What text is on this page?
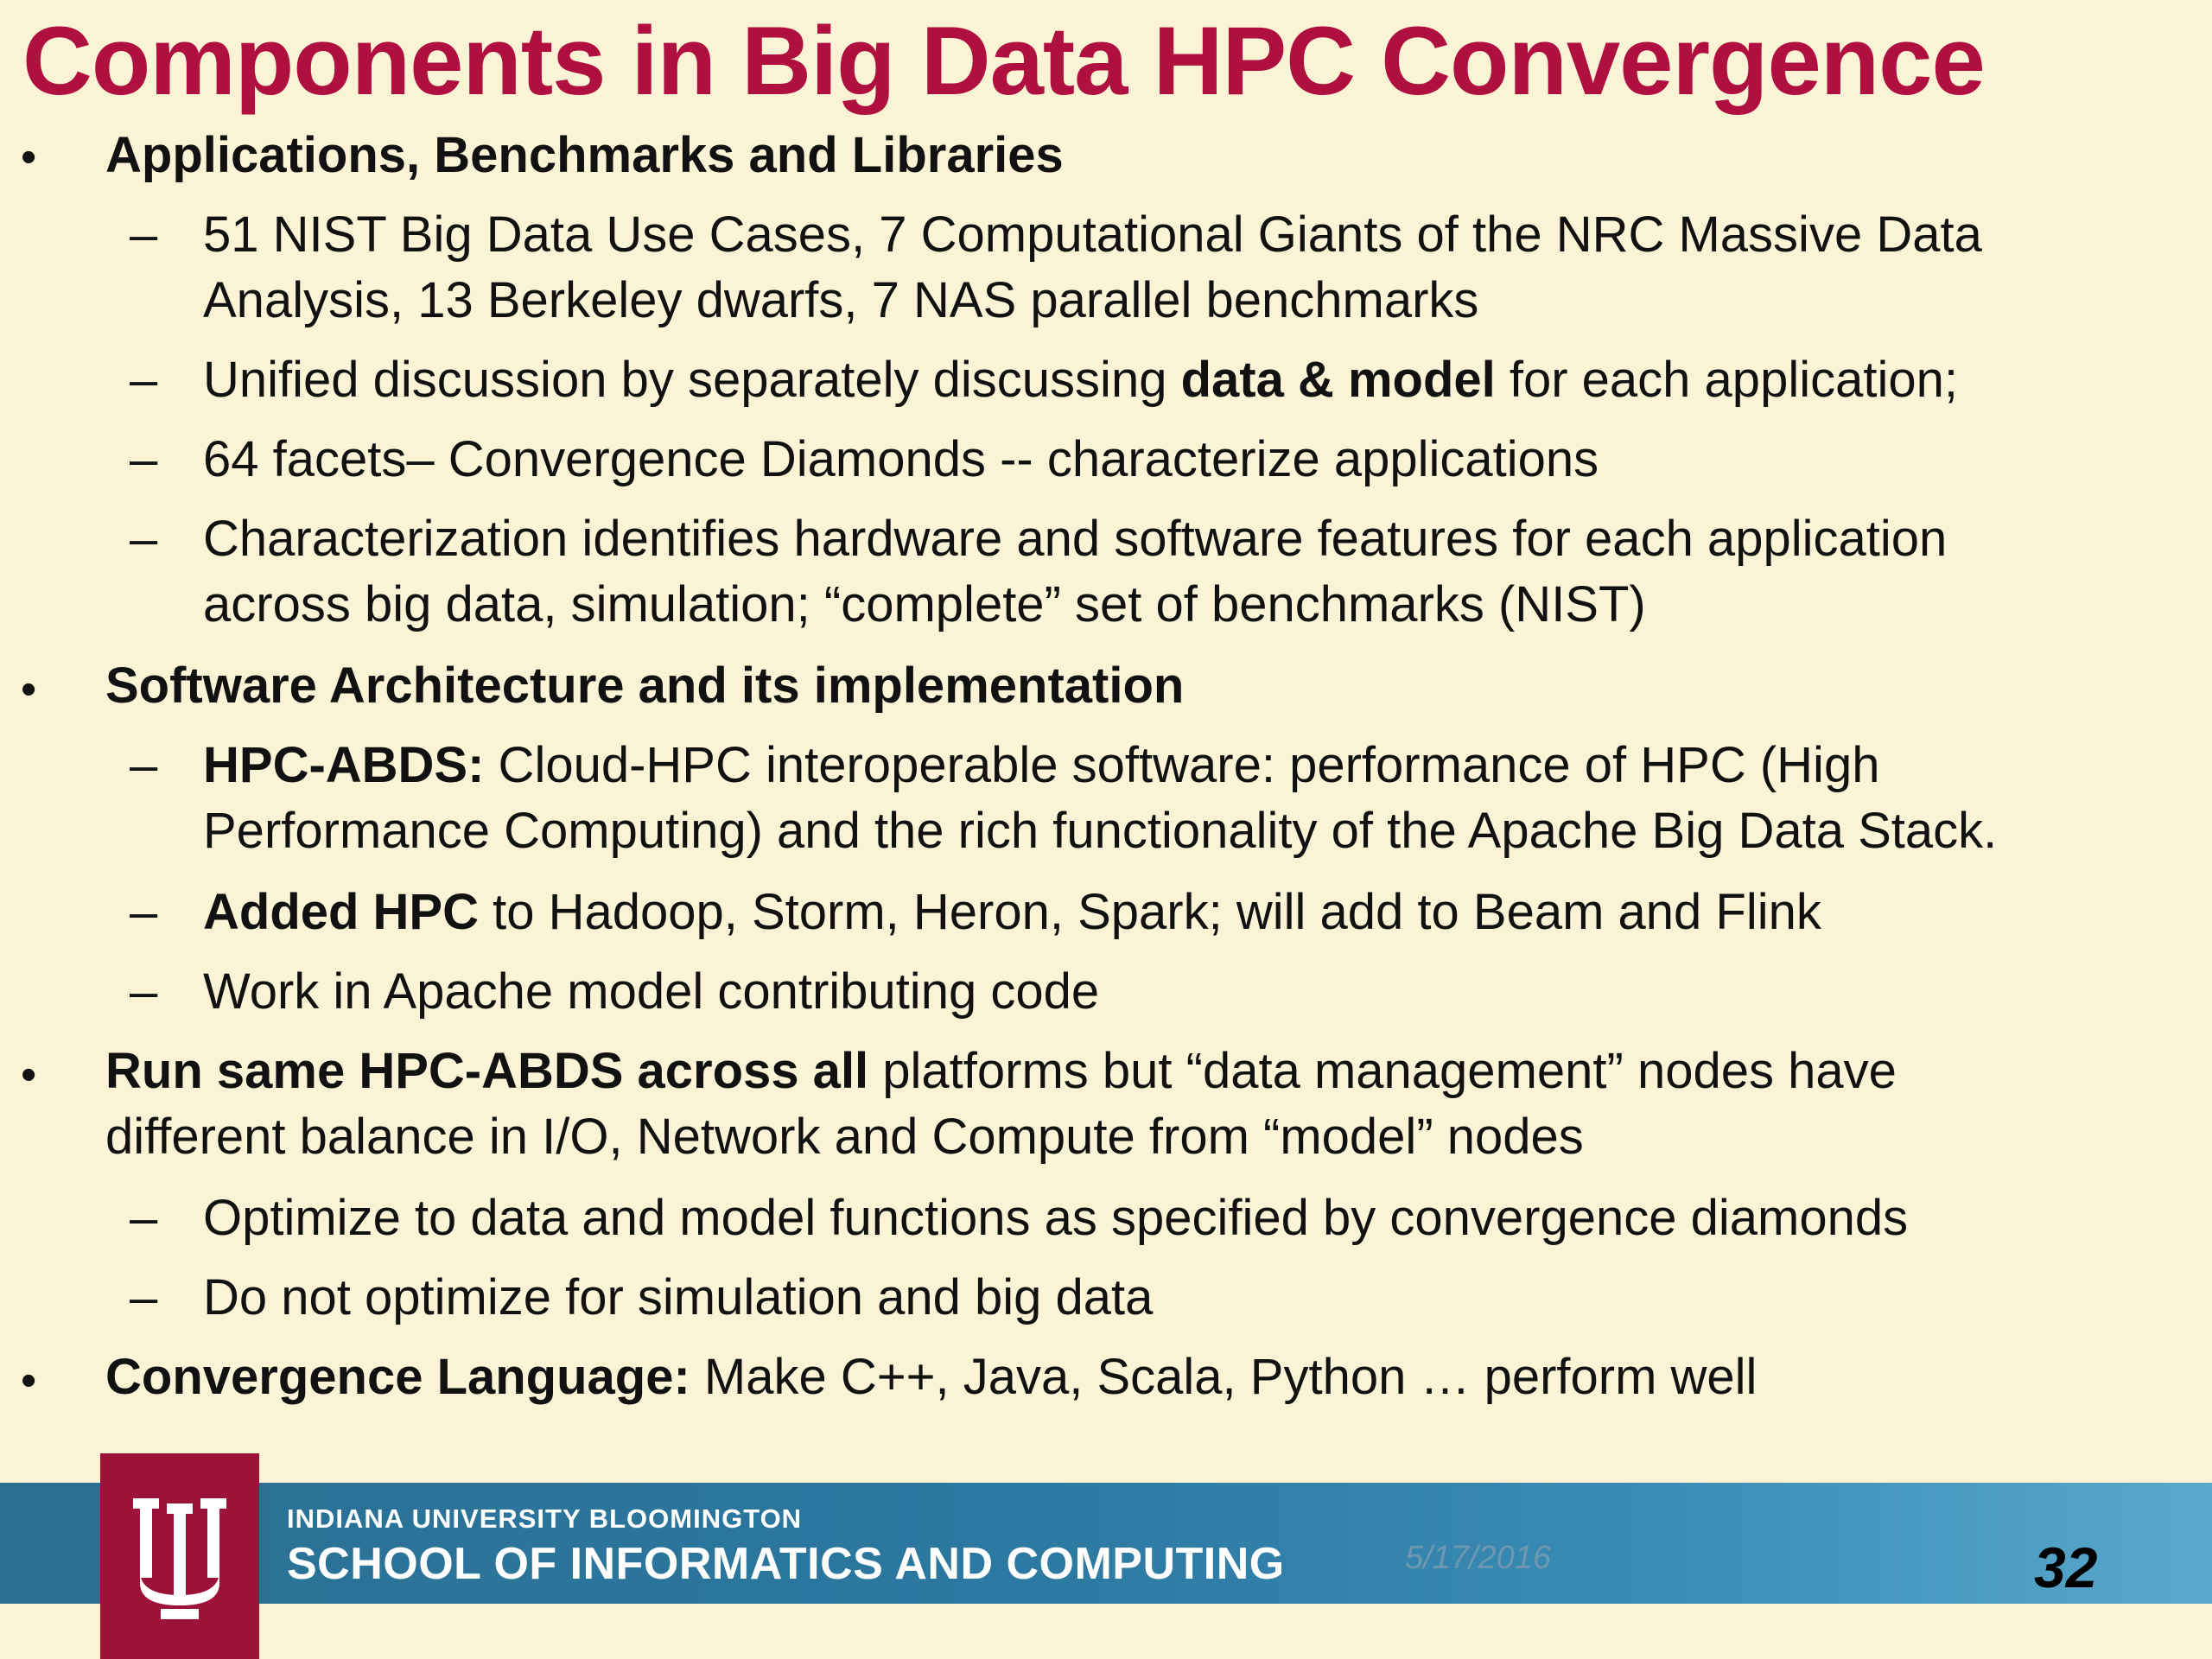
Components in Big Data HPC Convergence
• Applications, Benchmarks and Libraries
– 51 NIST Big Data Use Cases, 7 Computational Giants of the NRC Massive Data
Analysis, 13 Berkeley dwarfs, 7 NAS parallel benchmarks
– Unified discussion by separately discussing data & model for each application;
– 64 facets– Convergence Diamonds -- characterize applications
– Characterization identifies hardware and software features for each application
across big data, simulation; “complete” set of benchmarks (NIST)
• Software Architecture and its implementation
– HPC-ABDS: Cloud-HPC interoperable software: performance of HPC (High
Performance Computing) and the rich functionality of the Apache Big Data Stack.
– Added HPC to Hadoop, Storm, Heron, Spark; will add to Beam and Flink
– Work in Apache model contributing code
• Run same HPC-ABDS across all platforms but “data management” nodes have
different balance in I/O, Network and Compute from “model” nodes
– Optimize to data and model functions as specified by convergence diamonds
– Do not optimize for simulation and big data
• Convergence Language: Make C++, Java, Scala, Python … perform well
INDIANA UNIVERSITY BLOOMINGTON
SCHOOL OF INFORMATICS AND COMPUTING	5/17/2016	32
